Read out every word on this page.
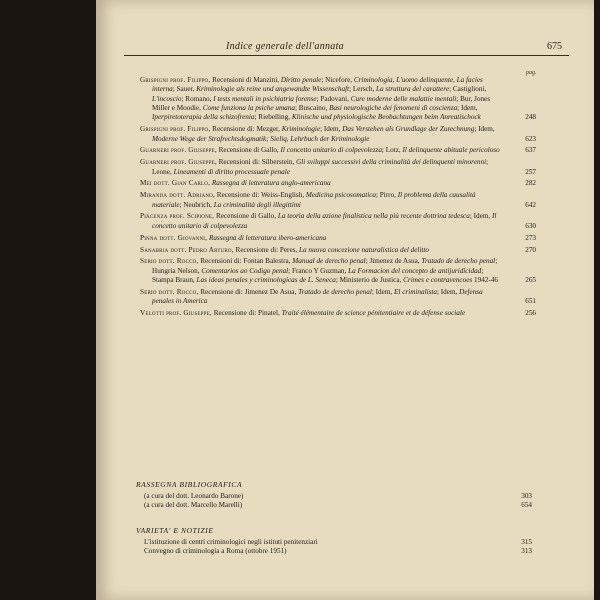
Indice generale dell'annata	675
pag.
Grispigni prof. Filippo, Recensioni di Manzini, Diritto penale; Nicefore, Criminologia, L'uomo delinquente, La facies interna; Sauer, Kriminologie als reine und angewandte Wissenschaft; Lersch, La struttura del carattere; Castiglioni, L'incoscio; Romano, I tests mentali in psichiatria forense; Padovani, Cure moderne delle malattie mentali; Bur, Jones Miller e Moodie, Come funziona la psiche umana; Buscaino, Basi neurologiche dei fenomeni di coscienza; Idem, Iperpiretoterapia della schizofrenia; Riebelling, Klinische und physiologische Beobachtungen beim Anreatischock	248
Grispigni prof. Filippo, Recensione di: Mezger, Kriminologie; Idem, Das Verstehen als Grundlage der Zurechnung; Idem, Moderne Wege der Strafrechtsdogmatik; Sieliq, Lehrbuch der Kriminologie	623
Guarneri prof. Giuseppe, Recensione di Gallo, Il concetto unitario di colpevolezza; Lotz, Il delinquente abituale pericoloso	637
Guarneri prof. Giuseppe, Recensioni di: Silberstein, Gli sviluppi successivi della criminalità dei delinquenti minorenni; Leone, Lineamenti di diritto processuale penale	257
Mei dott. Gian Carlo, Rassegna di letteratura anglo-americana	282
Miranda dott. Adriano, Recensione di: Weiss-English, Medicina psicosomatica; Pirro, Il problema della causalità materiale; Neubrich, La criminalità degli illegittimi	642
Piacenza prof. Scipione, Recensione di Gallo, La teoria della azione finalistica nella più recente dottrina tedesca; Idem, Il concetto unitario di colpevolezza	630
Pinna dott. Giovanni, Rassegna di letteratura ibero-americana	273
Sanabria dott. Pedro Arturo, Recensione di: Peres, La nuova concezione naturalistica del delitto	270
Serio dott. Rocco, Recensioni di: Fontan Balestra, Manual de derecho penal; Jimenez de Asua, Tratado de derecho penal; Hungria Nelson, Comentarios ao Codigo penal; Franco Y Guzman, La Formacion del concepto de antijuridicidad; Stampa Braun, Las ideas penales y criminologicas de L. Seneca; Ministerio de Justica, Crimes e contravencoes 1942-46	265
Serio dott. Rocco, Recensione di: Jimenez De Asua, Tratado de derecho penal; Idem, El criminalista; Idem, Defensa penales in America	651
Velotti prof. Giuseppe, Recensione di: Pinatel, Traité élémentaire de science pénitentiaire et de défense sociale	256
RASSEGNA BIBLIOGRAFICA
(a cura del dott. Leonardo Barone)	303
(a cura del dott. Marcello Marelli)	654
VARIETA' E NOTIZIE
L'istituzione di centri criminologici negli istituti penitenziari	315
Convegno di criminologia a Roma (ottobre 1951)	313
